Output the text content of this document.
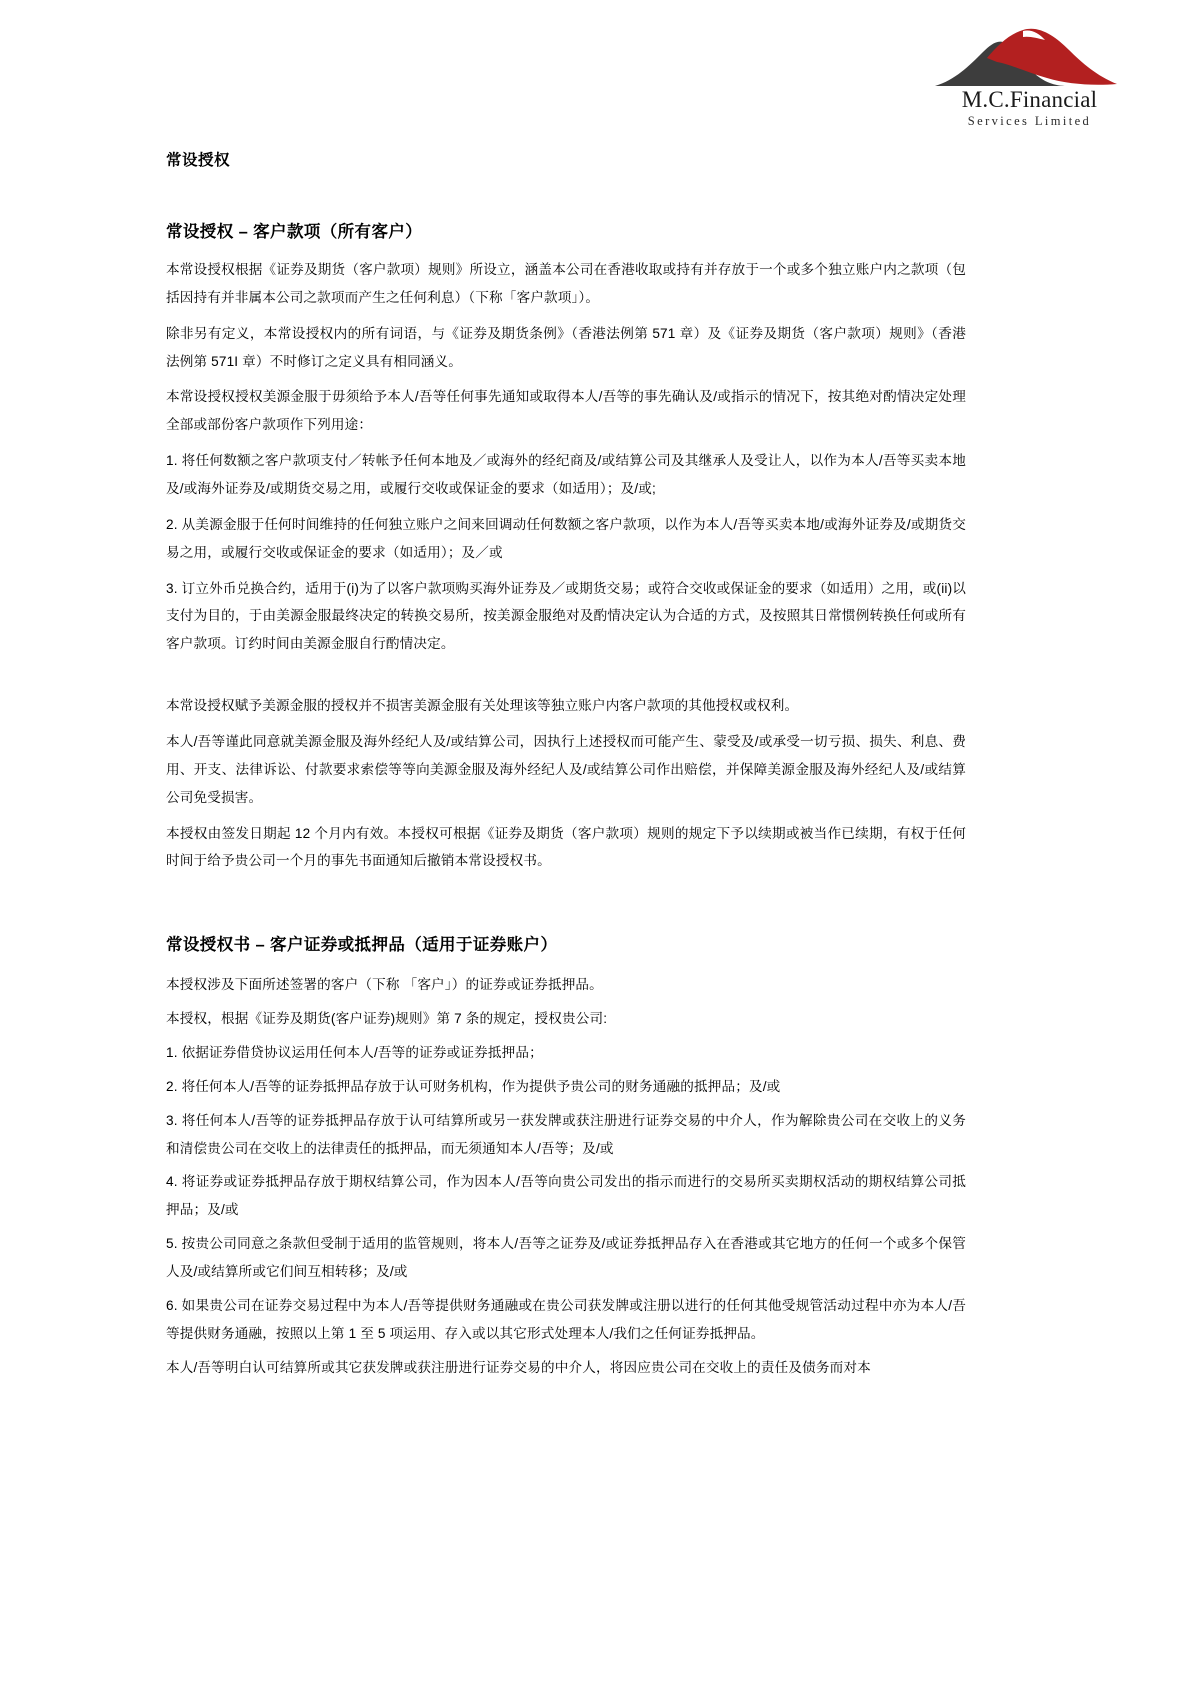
M.C.Financial
Services Limited
常设授权
常设授权 – 客户款项（所有客户）

本常设授权根据《证券及期货（客户款项）规则》所设立，涵盖本公司在香港收取或持有并存放于一个或多个独立账户内之款项（包括因持有并非属本公司之款项而产生之任何利息）（下称「客户款项」）。

除非另有定义，本常设授权内的所有词语，与《证券及期货条例》（香港法例第 571 章）及《证券及期货（客户款项）规则》（香港法例第 571I 章）不时修订之定义具有相同涵义。

本常设授权授权美源金服于毋须给予本人/吾等任何事先通知或取得本人/吾等的事先确认及/或指示的情况下，按其绝对酌情决定处理全部或部份客户款项作下列用途：

1. 将任何数额之客户款项支付／转帐予任何本地及／或海外的经纪商及/或结算公司及其继承人及受让人，以作为本人/吾等买卖本地及/或海外证券及/或期货交易之用，或履行交收或保证金的要求（如适用）；及/或;

2. 从美源金服于任何时间维持的任何独立账户之间来回调动任何数额之客户款项，以作为本人/吾等买卖本地/或海外证券及/或期货交易之用，或履行交收或保证金的要求（如适用）；及／或

3. 订立外币兑换合约，适用于(i)为了以客户款项购买海外证券及／或期货交易；或符合交收或保证金的要求（如适用）之用，或(ii)以支付为目的，于由美源金服最终决定的转换交易所，按美源金服绝对及酌情决定认为合适的方式，及按照其日常惯例转换任何或所有客户款项。订约时间由美源金服自行酌情决定。

本常设授权赋予美源金服的授权并不损害美源金服有关处理该等独立账户内客户款项的其他授权或权利。

本人/吾等谨此同意就美源金服及海外经纪人及/或结算公司，因执行上述授权而可能产生、蒙受及/或承受一切亏损、损失、利息、费用、开支、法律诉讼、付款要求索偿等等向美源金服及海外经纪人及/或结算公司作出赔偿，并保障美源金服及海外经纪人及/或结算公司免受损害。

本授权由签发日期起 12 个月内有效。本授权可根据《证券及期货（客户款项）规则的规定下予以续期或被当作已续期，有权于任何时间于给予贵公司一个月的事先书面通知后撤销本常设授权书。

常设授权书 – 客户证券或抵押品（适用于证券账户）

本授权涉及下面所述签署的客户（下称 「客户」）的证券或证券抵押品。

本授权，根据《证券及期货(客户证券)规则》第 7 条的规定，授权贵公司:

1. 依据证券借贷协议运用任何本人/吾等的证券或证券抵押品；

2. 将任何本人/吾等的证券抵押品存放于认可财务机构，作为提供予贵公司的财务通融的抵押品；及/或

3. 将任何本人/吾等的证券抵押品存放于认可结算所或另一获发牌或获注册进行证券交易的中介人，作为解除贵公司在交收上的义务和清偿贵公司在交收上的法律责任的抵押品，而无须通知本人/吾等；及/或

4. 将证券或证券抵押品存放于期权结算公司，作为因本人/吾等向贵公司发出的指示而进行的交易所买卖期权活动的期权结算公司抵押品；及/或

5. 按贵公司同意之条款但受制于适用的监管规则，将本人/吾等之证券及/或证券抵押品存入在香港或其它地方的任何一个或多个保管人及/或结算所或它们间互相转移；及/或

6. 如果贵公司在证券交易过程中为本人/吾等提供财务通融或在贵公司获发牌或注册以进行的任何其他受规管活动过程中亦为本人/吾等提供财务通融，按照以上第 1 至 5 项运用、存入或以其它形式处理本人/我们之任何证券抵押品。

本人/吾等明白认可结算所或其它获发牌或获注册进行证券交易的中介人，将因应贵公司在交收上的责任及债务而对本
